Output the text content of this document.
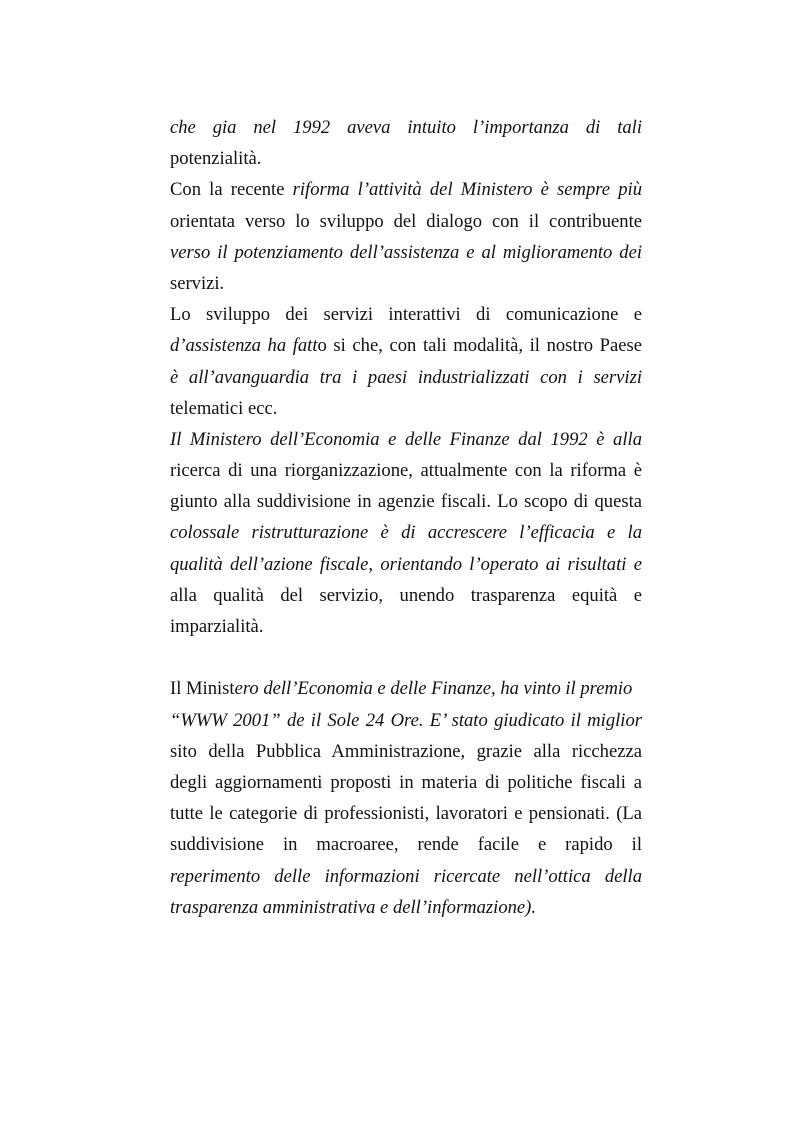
che gia nel 1992 aveva intuito l’importanza di tali
potenzialità.
Con la recente riforma l’attività del Ministero è sempre più
orientata verso lo sviluppo del dialogo con il contribuente
verso il potenziamento dell’assistenza e al miglioramento dei
servizi.
Lo sviluppo dei servizi interattivi di comunicazione e
d’assistenza ha fatto si che, con tali modalità, il nostro Paese
è all’avanguardia tra i paesi industrializzati con i servizi
telematici ecc.
Il Ministero dell’Economia e delle Finanze dal 1992 è alla
ricerca di una riorganizzazione, attualmente con la riforma è
giunto alla suddivisione in agenzie fiscali. Lo scopo di questa
colossale ristrutturazione è di accrescere l’efficacia e la
qualità dell’azione fiscale, orientando l’operato ai risultati e
alla qualità del servizio, unendo trasparenza equità e
imparzialità.
Il Ministero dell’Economia e delle Finanze, ha vinto il premio
“WWW 2001” de il Sole 24 Ore. E’ stato giudicato il miglior
sito della Pubblica Amministrazione, grazie alla ricchezza
degli aggiornamenti proposti in materia di politiche fiscali a
tutte le categorie di professionisti, lavoratori e pensionati. (La
suddivisione in macroaree, rende facile e rapido il
reperimento delle informazioni ricercate nell’ottica della
trasparenza amministrativa e dell’informazione).
